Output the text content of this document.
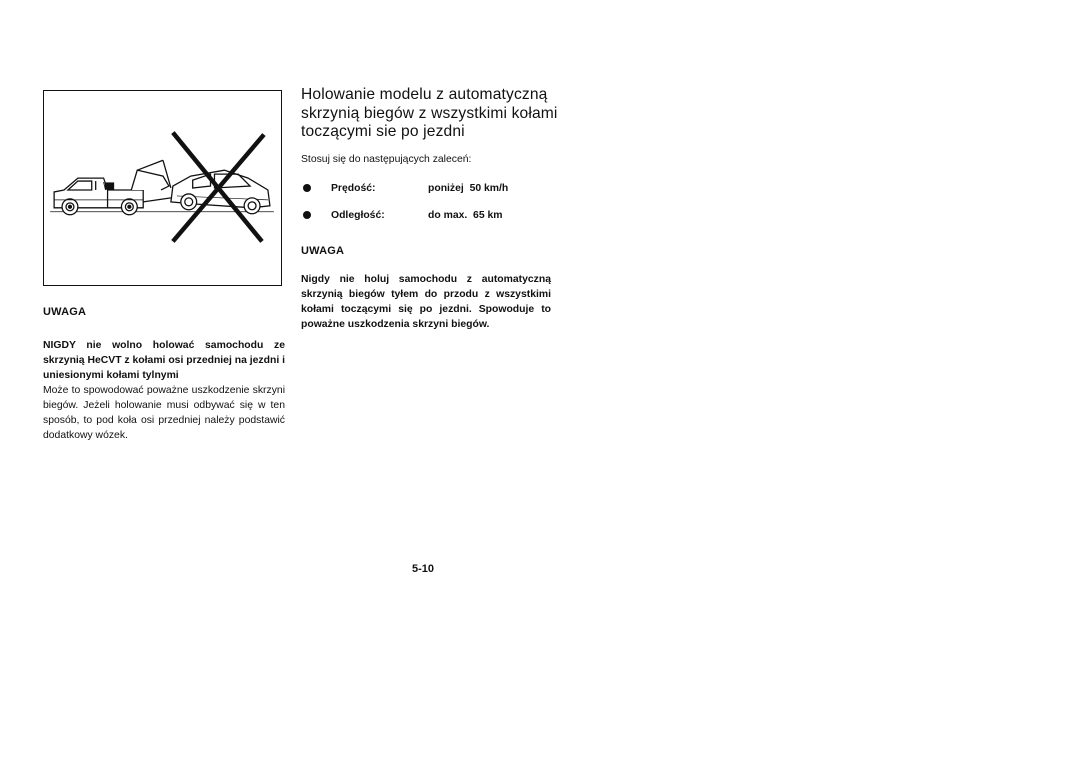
UWAGA

NIGDY nie wolno holować samochodu ze skrzynią HeCVT z kołami osi przedniej na jezdni i uniesionymi kołami tylnymi
Może to spowodować poważne uszkodzenie skrzyni biegów. Jeżeli holowanie musi odbywać się w ten sposób, to pod koła osi przedniej należy podstawić dodatkowy wózek.
Holowanie modelu z automatyczną
skrzynią biegów z wszystkimi kołami
toczącymi sie po jezdni
Stosuj się do następujących zaleceń:
Prędość:	poniżej  50 km/h
Odległość:	do max.  65 km

UWAGA

Nigdy nie holuj samochodu z automatyczną skrzynią biegów tyłem do przodu z wszystkimi kołami toczącymi się po jezdni. Spowoduje to poważne uszkodzenia skrzyni biegów.
5-10
